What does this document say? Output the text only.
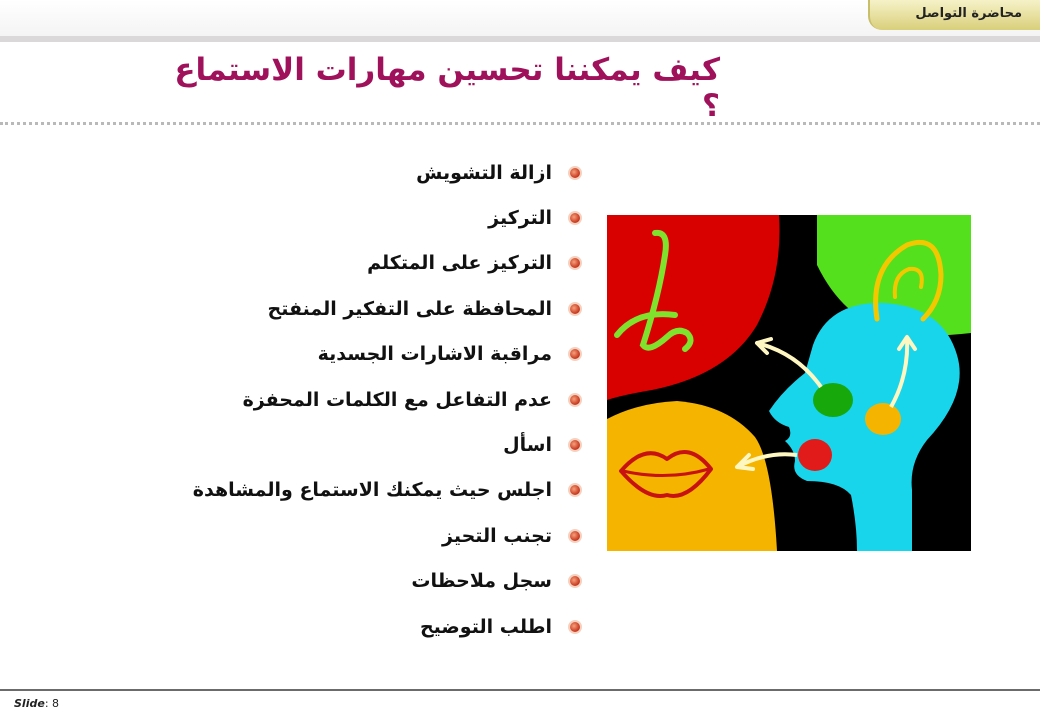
محاضرة التواصل
كيف يمكننا تحسين مهارات الاستماع ؟
ازالة التشويش
التركيز
التركيز على المتكلم
المحافظة على التفكير المنفتح
مراقبة الاشارات الجسدية
عدم التفاعل مع الكلمات المحفزة
اسأل
اجلس حيث يمكنك الاستماع والمشاهدة
تجنب التحيز
سجل ملاحظات
اطلب التوضيح
Slide: 8
